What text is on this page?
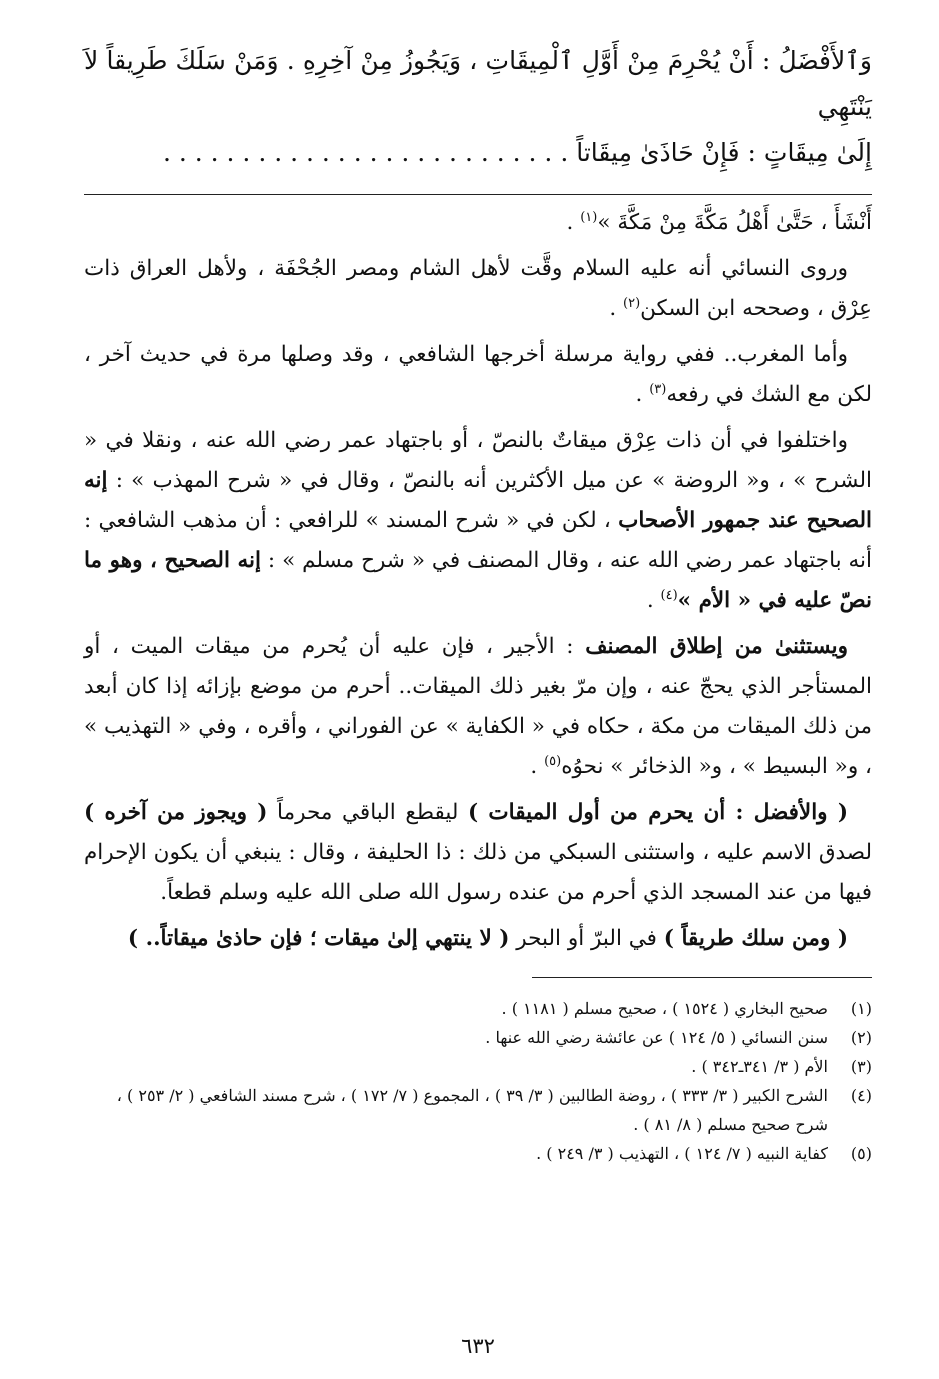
وَٱلأَفْضَلُ : أَنْ يُحْرِمَ مِنْ أَوَّلِ ٱلْمِيقَاتِ ، وَيَجُوزُ مِنْ آخِرِهِ . وَمَنْ سَلَكَ طَرِيقاً لاَ يَنْتَهِي

إِلَىٰ مِيقَاتٍ : فَإِنْ حَاذَىٰ مِيقَاتاً . . . . . . . . . . . . . . . . . . . . . . . . . .

أَنْشَأَ ، حَتَّىٰ أَهْلُ مَكَّةَ مِنْ مَكَّةَ »$^{(١)}$ .

وروى النسائي أنه عليه السلام وقَّت لأهل الشام ومصر الجُحْفَة ، ولأهل العراق ذات عِرْق ، وصححه ابن السكن$^{(٢)}$ .

وأما المغرب.. ففي رواية مرسلة أخرجها الشافعي ، وقد وصلها مرة في حديث آخر ، لكن مع الشك في رفعه$^{(٣)}$ .

واختلفوا في أن ذات عِرْق ميقاتٌ بالنصّ ، أو باجتهاد عمر رضي الله عنه ، ونقلا في « الشرح » ، و« الروضة » عن ميل الأكثرين أنه بالنصّ ، وقال في « شرح المهذب » : إنه الصحيح عند جمهور الأصحاب ، لكن في « شرح المسند » للرافعي : أن مذهب الشافعي : أنه باجتهاد عمر رضي الله عنه ، وقال المصنف في « شرح مسلم » : إنه الصحيح ، وهو ما نصّ عليه في « الأم »$^{(٤)}$ .

ويستثنىٰ من إطلاق المصنف : الأجير ، فإن عليه أن يُحرم من ميقات الميت ، أو المستأجر الذي يحجّ عنه ، وإن مرّ بغير ذلك الميقات.. أحرم من موضع بإزائه إذا كان أبعد من ذلك الميقات من مكة ، حكاه في « الكفاية » عن الفوراني ، وأقره ، وفي « التهذيب » ، و« البسيط » ، و« الذخائر » نحوُه$^{(٥)}$ .

( والأفضل : أن يحرم من أول الميقات ) ليقطع الباقي محرماً ( ويجوز من آخره ) لصدق الاسم عليه ، واستثنى السبكي من ذلك : ذا الحليفة ، وقال : ينبغي أن يكون الإحرام فيها من عند المسجد الذي أحرم من عنده رسول الله صلى الله عليه وسلم قطعاً.

( ومن سلك طريقاً ) في البرّ أو البحر ( لا ينتهي إلىٰ ميقات ؛ فإن حاذىٰ ميقاتاً.. )

(١)
صحيح البخاري ( ١٥٢٤ ) ، صحيح مسلم ( ١١٨١ ) .
(٢)
سنن النسائي ( ٥/ ١٢٤ ) عن عائشة رضي الله عنها .
(٣)
الأم ( ٣/ ٣٤١ـ٣٤٢ ) .
(٤)
الشرح الكبير ( ٣/ ٣٣٣ ) ، روضة الطالبين ( ٣/ ٣٩ ) ، المجموع ( ٧/ ١٧٢ ) ، شرح مسند الشافعي ( ٢/ ٢٥٣ ) ، شرح صحيح مسلم ( ٨/ ٨١ ) .
(٥)
كفاية النبيه ( ٧/ ١٢٤ ) ، التهذيب ( ٣/ ٢٤٩ ) .
٦٣٢
